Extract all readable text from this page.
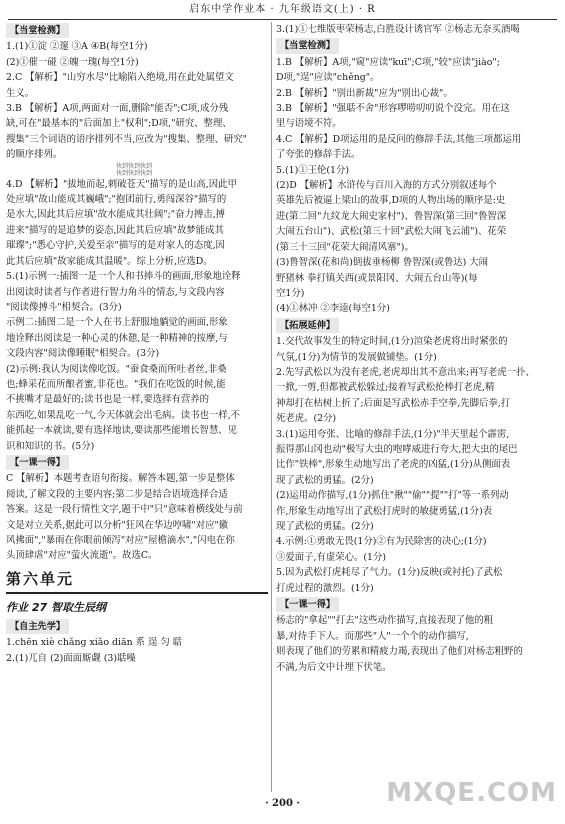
启东中学作业本 · 九年级语文(上) · R
【当堂检测】
1.(1)①淀 ②邃 ③A ④B(每空1分)
(2)①催一碰 ②魄一瑰(每空1分)
2.C 【解析】"山穷水尽"比喻陷入绝境,用在此处属望文
生义。
3.B 【解析】A项,两面对一面,删除"能否";C项,成分残
缺,可在"最基本的"后面加上"权利";D项,"研究、整理、
搜集"三个词语的语序排列不当,应改为"搜集、整理、研究"
的顺序排列。
快到快到快到
快到快到快到
4.D 【解析】"拔地而起,刺破苍天"描写的是山高,因此甲
处应填"故山能成其巍峨";"抱团前行,勇闯深谷"描写的
是水大,因此其后应填"故水能成其壮阔";"奋力搏击,搏
进来"描写的是追梦的姿态,因此其后应填"故梦能成其
璀璨";"悉心守护,关爱至亲"描写的是对家人的态度,因
此其后应填"故家能成其温暖"。综上分析,应选D。
5.(1)示例一:插图一是一个人和书捧斗的画面,形象地诠释
出阅读时读者与作者进行智力角斗的情态,与文段内容
"阅读像搏斗"相契合。(3分)
示例二:插图二是一个人在书上舒服地躺觉的画面,形象
地诠释出阅读是一种心灵的休憩,是一种精神的按摩,与
文段内容"阅读像睡眠"相契合。(3分)
(2)示例:我认为阅读像吃饭。"蚕食桑而所吐者丝,非桑
也;蜂采花而所酿者蜜,非花也。"我们在吃饭的时候,能
不挑嘴才是最好的;读书也是一样,要选择有营养的
东西吃,如果乱吃一气,今天体就会出毛病。读书也一样,不
能抓起一本就读,要有选择地读,要读那些能增长智慧、见
识和知识的书。(5分)
【一课一得】
C 【解析】本题考查语句衔接。解答本题,第一步是整体
阅读,了解文段的主要内容;第二步是结合语境选择合适
答案。这是一段行情性文字,题干中"只"意味着横线处与前
文是对立关系,据此可以分析"狂风在华边哼啸"对应"徽
风拂面","暴雨在你眼前倾泻"对应"屋檐滴水","闪电在你
头顶肆虐"对应"萤火流逝"。故选C。
第六单元
作业 27 智取生辰纲
【自主先学】
1.chēn xiè chǎng xiǎo diān 系 逞 匀 聒
2.(1)兀自 (2)面面厮觑 (3)聒噪
3.(1)①七维版枣荣杨志,白胜设计诱官军 ②杨志无奈买酒喝
【当堂检测】
1.B 【解析】A项,"窥"应读"kuī";C项,"较"应读"jiào";
D项,"逞"应读"chěng"。
2.B 【解析】"别出新裁"应为"别出心裁"。
3.B 【解析】"强聒不舍"形容啰唠叨叨说个没完。用在这
里与语境不符。
4.C 【解析】D项运用的是反问的修辞手法,其他三项都运用
了夸张的修辞手法。
5.(1)①王伦(1分)
(2)D 【解析】水浒传与百川入海的方式分别叙述每个
英雄先后被逼上梁山的故事,D项的人物出场的顺序是:史
进(第二回"九纹龙大闹史家村")、鲁智深(第三回"鲁智深
大闹五台山")、武松(第三十回"武松大闹飞云浦")、花荣
(第三十三回"花荣大闹清风寨")。
(3)鲁智深(花和尚)倒拔垂杨柳 鲁智深(或鲁达) 大闹
野猪林 拳打镇关西(或景阳冈、大闹五台山等)(每
空1分)
(4)①林冲 ②李逵(每空1分)
【拓展延伸】
1.交代故事发生的特定时间,(1分)渲染老虎将出时紧张的
气氛,(1分)为情节的发展做铺垫。(1分)
2.先写武松以为没有老虎,老虎却出其不意出来;再写老虎一扑、
一掀,一剪,但都被武松躲过;接着写武松抡棒打老虎,精
神却打在枯树上折了;后面是写武松赤手空拳,先脚后拳,打
死老虎。(2分)
3.(1)运用夸张、比喻的修辞手法,(1分)"半天里起个霹雳,
振得那山冈也动"极写大虫的咆哮威进行夸大,把大虫的尾巴
比作"铁棒",形象生动地写出了老虎的凶猛,(1分)从侧面表
现了武松的勇猛。(2分)
(2)运用动作描写,(1分)抓住"揪""偷""提""打"等一系列动
作,形象生动地写出了武松打虎时的敏捷勇猛,(1分)表
现了武松的勇猛。(2分)
4.示例:①勇敢无畏(1分)②有为民除害的决心;(1分)
③爱面子,有虚荣心。(1分)
5.因为武松打虎耗尽了气力。(1分)反映(或衬托)了武松
打虎过程的激烈。(1分)
【一课一得】
杨志的"拿起""打去"这些动作描写,直接表现了他的粗
暴,对待手下人。而那些"人"一个个的动作描写,
则表现了他们的劳累和精疲力竭,表现出了他们对杨志粗野的
不满,为后文中计埋下伏笔。
· 200 ·	MXQE.COM
